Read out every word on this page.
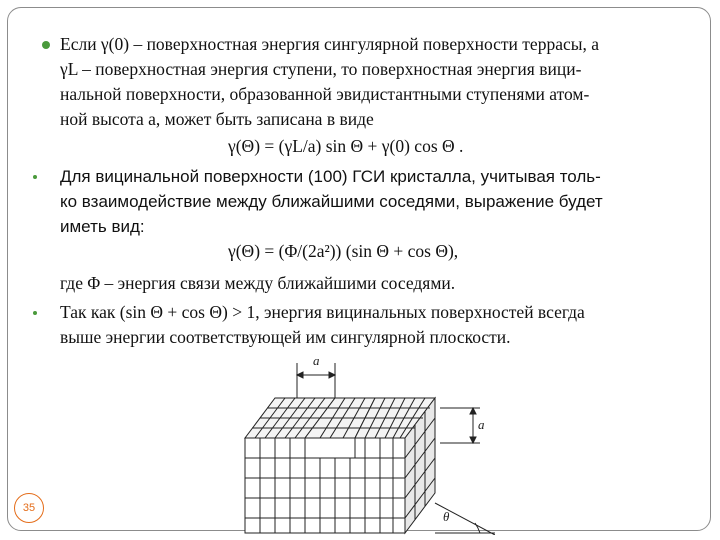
Если γ(0) – поверхностная энергия сингулярной поверхности террасы, а
γL – поверхностная энергия ступени, то поверхностная энергия вици-
нальной поверхности, образованной эвидистантными ступенями атом-
ной высота a, может быть записана в виде
γ(Θ) = (γL/a) sin Θ + γ(0) cos Θ .
Для вицинальной поверхности (100) ГСИ кристалла, учитывая толь-
ко взаимодействие между ближайшими соседями, выражение будет
иметь вид:
γ(Θ) = (Φ/(2a²)) (sin Θ + cos Θ),
где Φ – энергия связи между ближайшими соседями.
Так как (sin Θ + cos Θ) > 1, энергия вицинальных поверхностей всегда
выше энергии соответствующей им сингулярной плоскости.
a
a
θ
35
